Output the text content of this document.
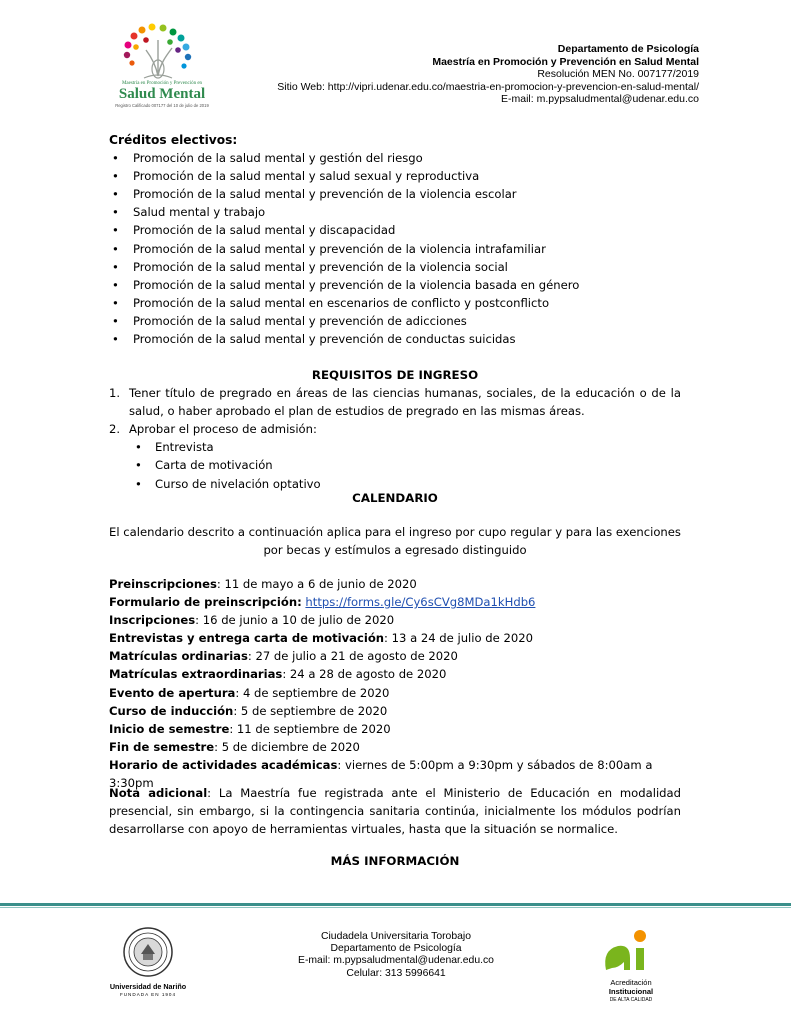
Maestría en Promoción y Prevención en
Salud Mental
Registro Calificado 007177 del 10 de julio de 2019
Departamento de Psicología
Maestría en Promoción y Prevención en Salud Mental
Resolución MEN No. 007177/2019
Sitio Web: http://vipri.udenar.edu.co/maestria-en-promocion-y-prevencion-en-salud-mental/
E-mail: m.pypsaludmental@udenar.edu.co
Créditos electivos:
• Promoción de la salud mental y gestión del riesgo
• Promoción de la salud mental y salud sexual y reproductiva
• Promoción de la salud mental y prevención de la violencia escolar
• Salud mental y trabajo
• Promoción de la salud mental y discapacidad
• Promoción de la salud mental y prevención de la violencia intrafamiliar
• Promoción de la salud mental y prevención de la violencia social
• Promoción de la salud mental y prevención de la violencia basada en género
• Promoción de la salud mental en escenarios de conflicto y postconflicto
• Promoción de la salud mental y prevención de adicciones
• Promoción de la salud mental y prevención de conductas suicidas
REQUISITOS DE INGRESO
1. Tener título de pregrado en áreas de las ciencias humanas, sociales, de la educación o de la salud, o haber aprobado el plan de estudios de pregrado en las mismas áreas.
2. Aprobar el proceso de admisión:
• Entrevista
• Carta de motivación
• Curso de nivelación optativo
CALENDARIO
El calendario descrito a continuación aplica para el ingreso por cupo regular y para las exenciones por becas y estímulos a egresado distinguido
Preinscripciones: 11 de mayo a 6 de junio de 2020
Formulario de preinscripción: https://forms.gle/Cy6sCVg8MDa1kHdb6
Inscripciones: 16 de junio a 10 de julio de 2020
Entrevistas y entrega carta de motivación: 13 a 24 de julio de 2020
Matrículas ordinarias: 27 de julio a 21 de agosto de 2020
Matrículas extraordinarias: 24 a 28 de agosto de 2020
Evento de apertura: 4 de septiembre de 2020
Curso de inducción: 5 de septiembre de 2020
Inicio de semestre: 11 de septiembre de 2020
Fin de semestre: 5 de diciembre de 2020
Horario de actividades académicas: viernes de 5:00pm a 9:30pm y sábados de 8:00am a 3:30pm
Nota adicional: La Maestría fue registrada ante el Ministerio de Educación en modalidad presencial, sin embargo, si la contingencia sanitaria continúa, inicialmente los módulos podrían desarrollarse con apoyo de herramientas virtuales, hasta que la situación se normalice.
MÁS INFORMACIÓN
Universidad de Nariño
FUNDADA EN 1904
Ciudadela Universitaria Torobajo
Departamento de Psicología
E-mail: m.pypsaludmental@udenar.edu.co
Celular: 313 5996641
Acreditación
Institucional
DE ALTA CALIDAD
